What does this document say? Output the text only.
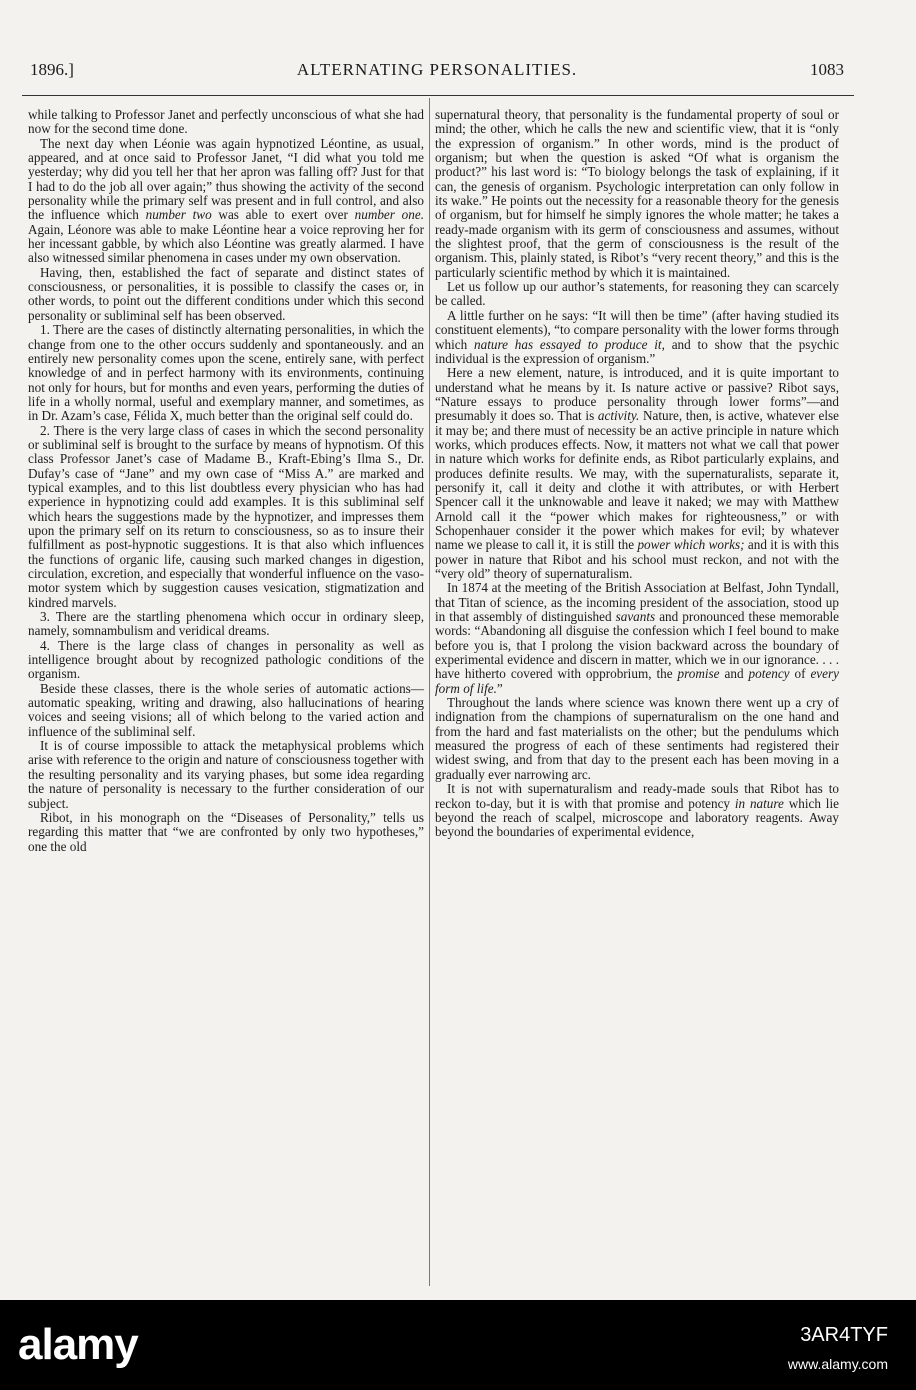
1896.]	ALTERNATING PERSONALITIES.	1083

while talking to Professor Janet and perfectly unconscious of what she had now for the second time done.

The next day when Léonie was again hypnotized Léontine, as usual, appeared, and at once said to Professor Janet, “I did what you told me yesterday; why did you tell her that her apron was falling off? Just for that I had to do the job all over again;” thus showing the activity of the second personality while the primary self was present and in full control, and also the influence which number two was able to exert over number one. Again, Léonore was able to make Léontine hear a voice reproving her for her incessant gabble, by which also Léontine was greatly alarmed. I have also witnessed similar phenomena in cases under my own observation.

Having, then, established the fact of separate and distinct states of consciousness, or personalities, it is possible to classify the cases or, in other words, to point out the different conditions under which this second personality or subliminal self has been observed.

1. There are the cases of distinctly alternating personalities, in which the change from one to the other occurs suddenly and spontaneously. and an entirely new personality comes upon the scene, entirely sane, with perfect knowledge of and in perfect harmony with its environments, continuing not only for hours, but for months and even years, performing the duties of life in a wholly normal, useful and exemplary manner, and sometimes, as in Dr. Azam’s case, Félida X, much better than the original self could do.

2. There is the very large class of cases in which the second personality or subliminal self is brought to the surface by means of hypnotism. Of this class Professor Janet’s case of Madame B., Kraft-Ebing’s Ilma S., Dr. Dufay’s case of “Jane” and my own case of “Miss A.” are marked and typical examples, and to this list doubtless every physician who has had experience in hypnotizing could add examples. It is this subliminal self which hears the suggestions made by the hypnotizer, and impresses them upon the primary self on its return to consciousness, so as to insure their fulfillment as post-hypnotic suggestions. It is that also which influences the functions of organic life, causing such marked changes in digestion, circulation, excretion, and especially that wonderful influence on the vaso-motor system which by suggestion causes vesication, stigmatization and kindred marvels.

3. There are the startling phenomena which occur in ordinary sleep, namely, somnambulism and veridical dreams.

4. There is the large class of changes in personality as well as intelligence brought about by recognized pathologic conditions of the organism.

Beside these classes, there is the whole series of automatic actions—automatic speaking, writing and drawing, also hallucinations of hearing voices and seeing visions; all of which belong to the varied action and influence of the subliminal self.

It is of course impossible to attack the metaphysical problems which arise with reference to the origin and nature of consciousness together with the resulting personality and its varying phases, but some idea regarding the nature of personality is necessary to the further consideration of our subject.

Ribot, in his monograph on the “Diseases of Personality,” tells us regarding this matter that “we are confronted by only two hypotheses,” one the old

supernatural theory, that personality is the fundamental property of soul or mind; the other, which he calls the new and scientific view, that it is “only the expression of organism.” In other words, mind is the product of organism; but when the question is asked “Of what is organism the product?” his last word is: “To biology belongs the task of explaining, if it can, the genesis of organism. Psychologic interpretation can only follow in its wake.” He points out the necessity for a reasonable theory for the genesis of organism, but for himself he simply ignores the whole matter; he takes a ready-made organism with its germ of consciousness and assumes, without the slightest proof, that the germ of consciousness is the result of the organism. This, plainly stated, is Ribot’s “very recent theory,” and this is the particularly scientific method by which it is maintained.

Let us follow up our author’s statements, for reasoning they can scarcely be called.

A little further on he says: “It will then be time” (after having studied its constituent elements), “to compare personality with the lower forms through which nature has essayed to produce it, and to show that the psychic individual is the expression of organism.”

Here a new element, nature, is introduced, and it is quite important to understand what he means by it. Is nature active or passive? Ribot says, “Nature essays to produce personality through lower forms”—and presumably it does so. That is activity. Nature, then, is active, whatever else it may be; and there must of necessity be an active principle in nature which works, which produces effects. Now, it matters not what we call that power in nature which works for definite ends, as Ribot particularly explains, and produces definite results. We may, with the supernaturalists, separate it, personify it, call it deity and clothe it with attributes, or with Herbert Spencer call it the unknowable and leave it naked; we may with Matthew Arnold call it the “power which makes for righteousness,” or with Schopenhauer consider it the power which makes for evil; by whatever name we please to call it, it is still the power which works; and it is with this power in nature that Ribot and his school must reckon, and not with the “very old” theory of supernaturalism.

In 1874 at the meeting of the British Association at Belfast, John Tyndall, that Titan of science, as the incoming president of the association, stood up in that assembly of distinguished savants and pronounced these memorable words: “Abandoning all disguise the confession which I feel bound to make before you is, that I prolong the vision backward across the boundary of experimental evidence and discern in matter, which we in our ignorance. . . . have hitherto covered with opprobrium, the promise and potency of every form of life.”

Throughout the lands where science was known there went up a cry of indignation from the champions of supernaturalism on the one hand and from the hard and fast materialists on the other; but the pendulums which measured the progress of each of these sentiments had registered their widest swing, and from that day to the present each has been moving in a gradually ever narrowing arc.

It is not with supernaturalism and ready-made souls that Ribot has to reckon to-day, but it is with that promise and potency in nature which lie beyond the reach of scalpel, microscope and laboratory reagents. Away beyond the boundaries of experimental evidence,

alamy	3AR4TYF
www.alamy.com
